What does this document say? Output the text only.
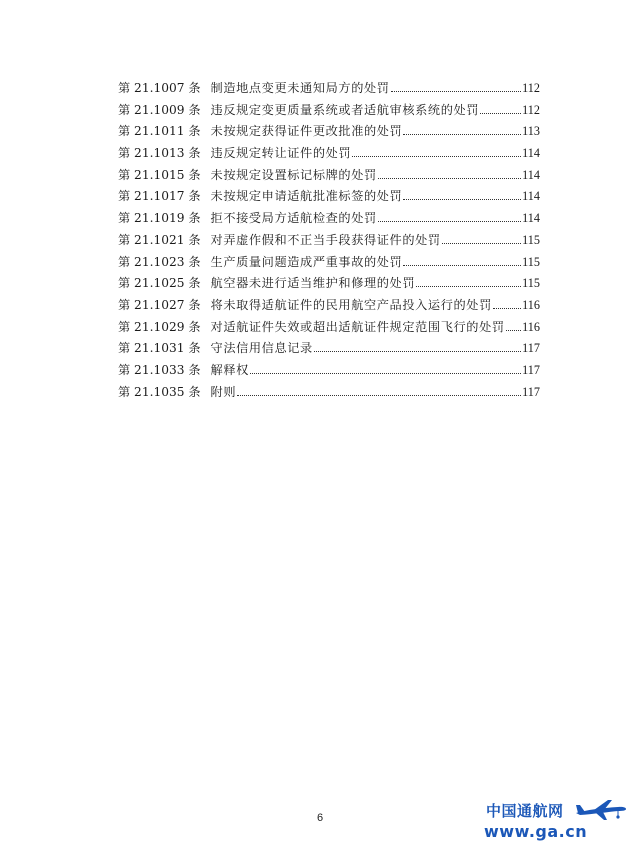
第 21.1007 条 制造地点变更未通知局方的处罚	112
第 21.1009 条 违反规定变更质量系统或者适航审核系统的处罚	112
第 21.1011 条 未按规定获得证件更改批准的处罚	113
第 21.1013 条 违反规定转让证件的处罚	114
第 21.1015 条 未按规定设置标记标牌的处罚	114
第 21.1017 条 未按规定申请适航批准标签的处罚	114
第 21.1019 条 拒不接受局方适航检查的处罚	114
第 21.1021 条 对弄虚作假和不正当手段获得证件的处罚	115
第 21.1023 条 生产质量问题造成严重事故的处罚	115
第 21.1025 条 航空器未进行适当维护和修理的处罚	115
第 21.1027 条 将未取得适航证件的民用航空产品投入运行的处罚 116
第 21.1029 条 对适航证件失效或超出适航证件规定范围飞行的处罚 116
第 21.1031 条 守法信用信息记录	117
第 21.1033 条 解释权	117
第 21.1035 条 附则	117
6	中国通航网
www.ga.cn
